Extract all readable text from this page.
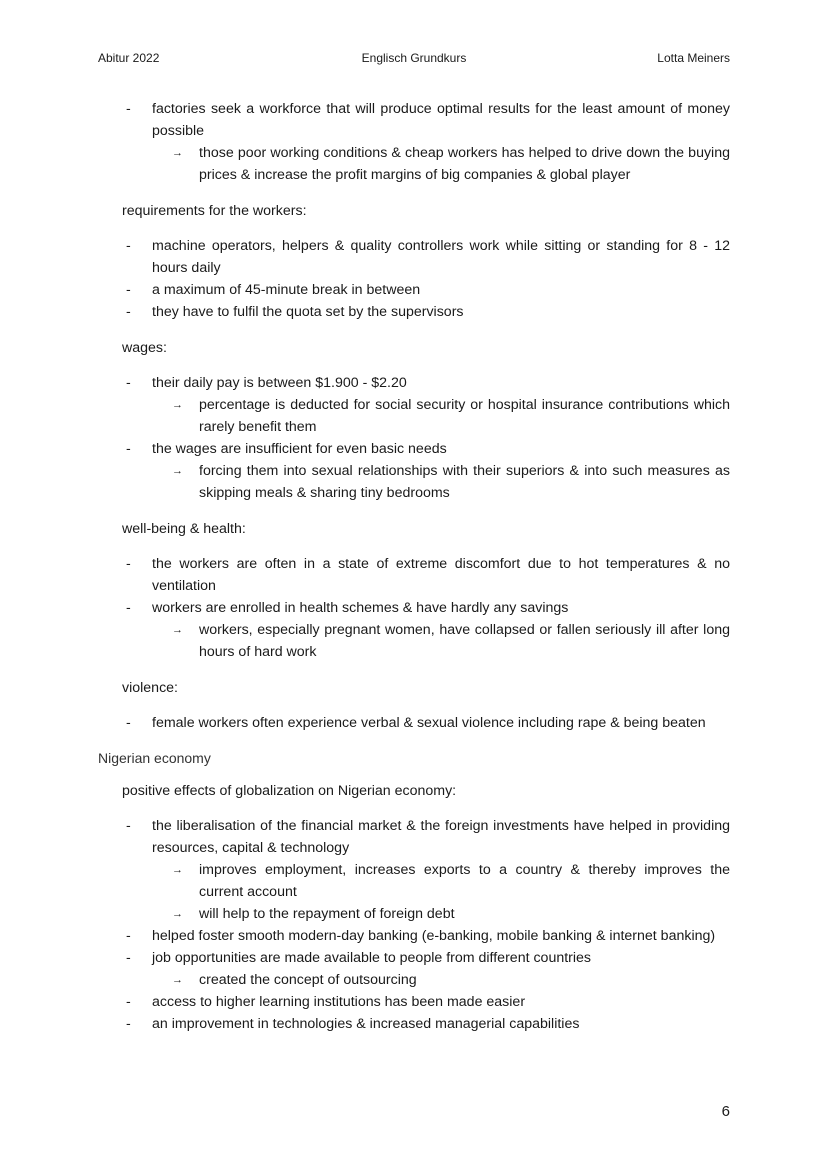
Abitur 2022	Englisch Grundkurs	Lotta Meiners
- factories seek a workforce that will produce optimal results for the least amount of money possible
→ those poor working conditions & cheap workers has helped to drive down the buying prices & increase the profit margins of big companies & global player
requirements for the workers:
- machine operators, helpers & quality controllers work while sitting or standing for 8 - 12 hours daily
- a maximum of 45-minute break in between
- they have to fulfil the quota set by the supervisors
wages:
- their daily pay is between $1.900 - $2.20
→ percentage is deducted for social security or hospital insurance contributions which rarely benefit them
- the wages are insufficient for even basic needs
→ forcing them into sexual relationships with their superiors & into such measures as skipping meals & sharing tiny bedrooms
well-being & health:
- the workers are often in a state of extreme discomfort due to hot temperatures & no ventilation
- workers are enrolled in health schemes & have hardly any savings
→ workers, especially pregnant women, have collapsed or fallen seriously ill after long hours of hard work
violence:
- female workers often experience verbal & sexual violence including rape & being beaten
Nigerian economy
positive effects of globalization on Nigerian economy:
- the liberalisation of the financial market & the foreign investments have helped in providing resources, capital & technology
→ improves employment, increases exports to a country & thereby improves the current account
→ will help to the repayment of foreign debt
- helped foster smooth modern-day banking (e-banking, mobile banking & internet banking)
- job opportunities are made available to people from different countries
→ created the concept of outsourcing
- access to higher learning institutions has been made easier
- an improvement in technologies & increased managerial capabilities
6
